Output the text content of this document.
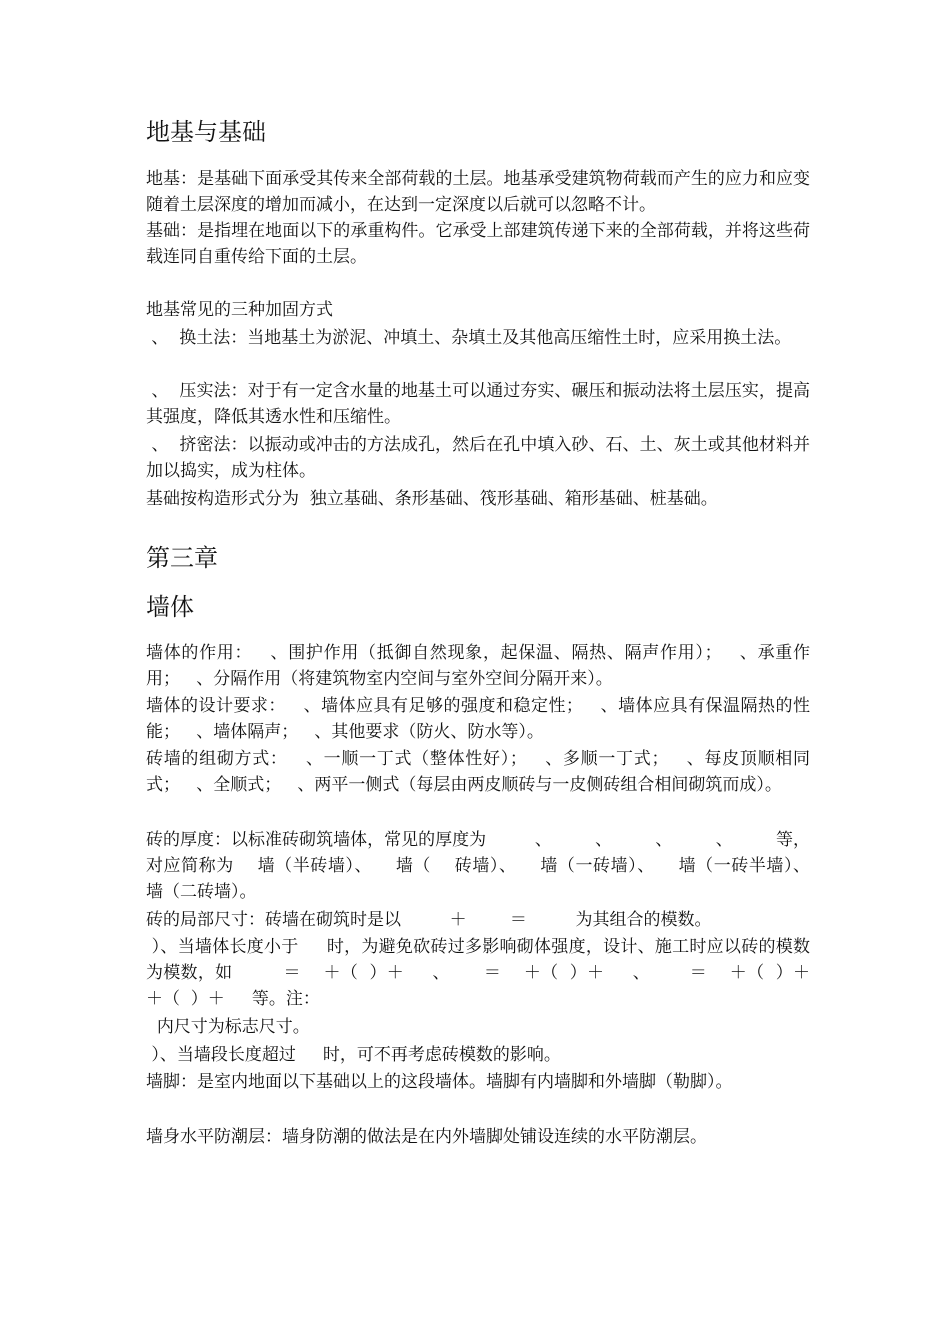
地基与基础
地基：是基础下面承受其传来全部荷载的土层。地基承受建筑物荷载而产生的应力和应变随着土层深度的增加而减小，在达到一定深度以后就可以忽略不计。
基础：是指埋在地面以下的承重构件。它承受上部建筑传递下来的全部荷载，并将这些荷载连同自重传给下面的土层。
地基常见的三种加固方式
、  换土法：当地基土为淤泥、冲填土、杂填土及其他高压缩性土时，应采用换土法。
、  压实法：对于有一定含水量的地基土可以通过夯实、碾压和振动法将土层压实，提高其强度，降低其透水性和压缩性。
、  挤密法：以振动或冲击的方法成孔，然后在孔中填入砂、石、土、灰土或其他材料并加以捣实，成为柱体。
基础按构造形式分为  独立基础、条形基础、筏形基础、箱形基础、桩基础。
第三章
墙体
墙体的作用：   、围护作用（抵御自然现象，起保温、隔热、隔声作用）；   、承重作用；   、分隔作用（将建筑物室内空间与室外空间分隔开来）。
墙体的设计要求：   、墙体应具有足够的强度和稳定性；   、墙体应具有保温隔热的性能；   、墙体隔声；   、其他要求（防火、防水等）。
砖墙的组砌方式：   、一顺一丁式（整体性好）；   、多顺一丁式；   、每皮顶顺相同式；   、全顺式；   、两平一侧式（每层由两皮顺砖与一皮侧砖组合相间砌筑而成）。
砖的厚度：以标准砖砌筑墙体，常见的厚度为         、        、        、        、        等，对应简称为    墙（半砖墙）、    墙（    砖墙）、    墙（一砖墙）、    墙（一砖半墙）、    墙（二砖墙）。
砖的局部尺寸：砖墙在砌筑时是以         ＋        ＝         为其组合的模数。
）、当墙体长度小于     时，为避免砍砖过多影响砌体强度，设计、施工时应以砖的模数         为模数，如         ＝    ＋（  ）＋     、      ＝    ＋（  ）＋     、       ＝    ＋（  ）＋    ＋（  ）＋     等。注：
内尺寸为标志尺寸。
）、当墙段长度超过     时，可不再考虑砖模数的影响。
墙脚：是室内地面以下基础以上的这段墙体。墙脚有内墙脚和外墙脚（勒脚）。
墙身水平防潮层：墙身防潮的做法是在内外墙脚处铺设连续的水平防潮层。
